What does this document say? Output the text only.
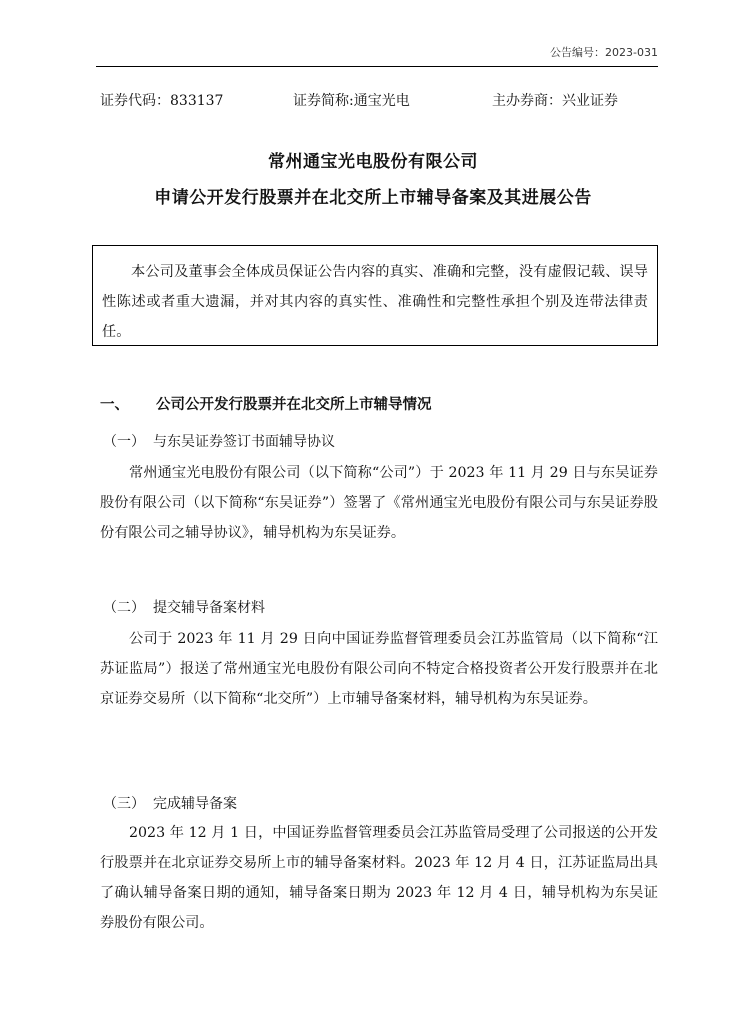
公告编号：2023-031
证券代码：833137	证券简称:通宝光电	主办券商：兴业证券
常州通宝光电股份有限公司
申请公开发行股票并在北交所上市辅导备案及其进展公告
本公司及董事会全体成员保证公告内容的真实、准确和完整，没有虚假记载、误导性陈述或者重大遗漏，并对其内容的真实性、准确性和完整性承担个别及连带法律责任。
一、 公司公开发行股票并在北交所上市辅导情况
（一） 与东吴证券签订书面辅导协议
常州通宝光电股份有限公司（以下简称“公司”）于 2023 年 11 月 29 日与东吴证券股份有限公司（以下简称“东吴证券”）签署了《常州通宝光电股份有限公司与东吴证券股份有限公司之辅导协议》，辅导机构为东吴证券。
（二） 提交辅导备案材料
公司于 2023 年 11 月 29 日向中国证券监督管理委员会江苏监管局（以下简称“江苏证监局”）报送了常州通宝光电股份有限公司向不特定合格投资者公开发行股票并在北京证券交易所（以下简称“北交所”）上市辅导备案材料，辅导机构为东吴证券。
（三） 完成辅导备案
2023 年 12 月 1 日，中国证券监督管理委员会江苏监管局受理了公司报送的公开发行股票并在北京证券交易所上市的辅导备案材料。2023 年 12 月 4 日，江苏证监局出具了确认辅导备案日期的通知，辅导备案日期为 2023 年 12 月 4 日，辅导机构为东吴证券股份有限公司。
